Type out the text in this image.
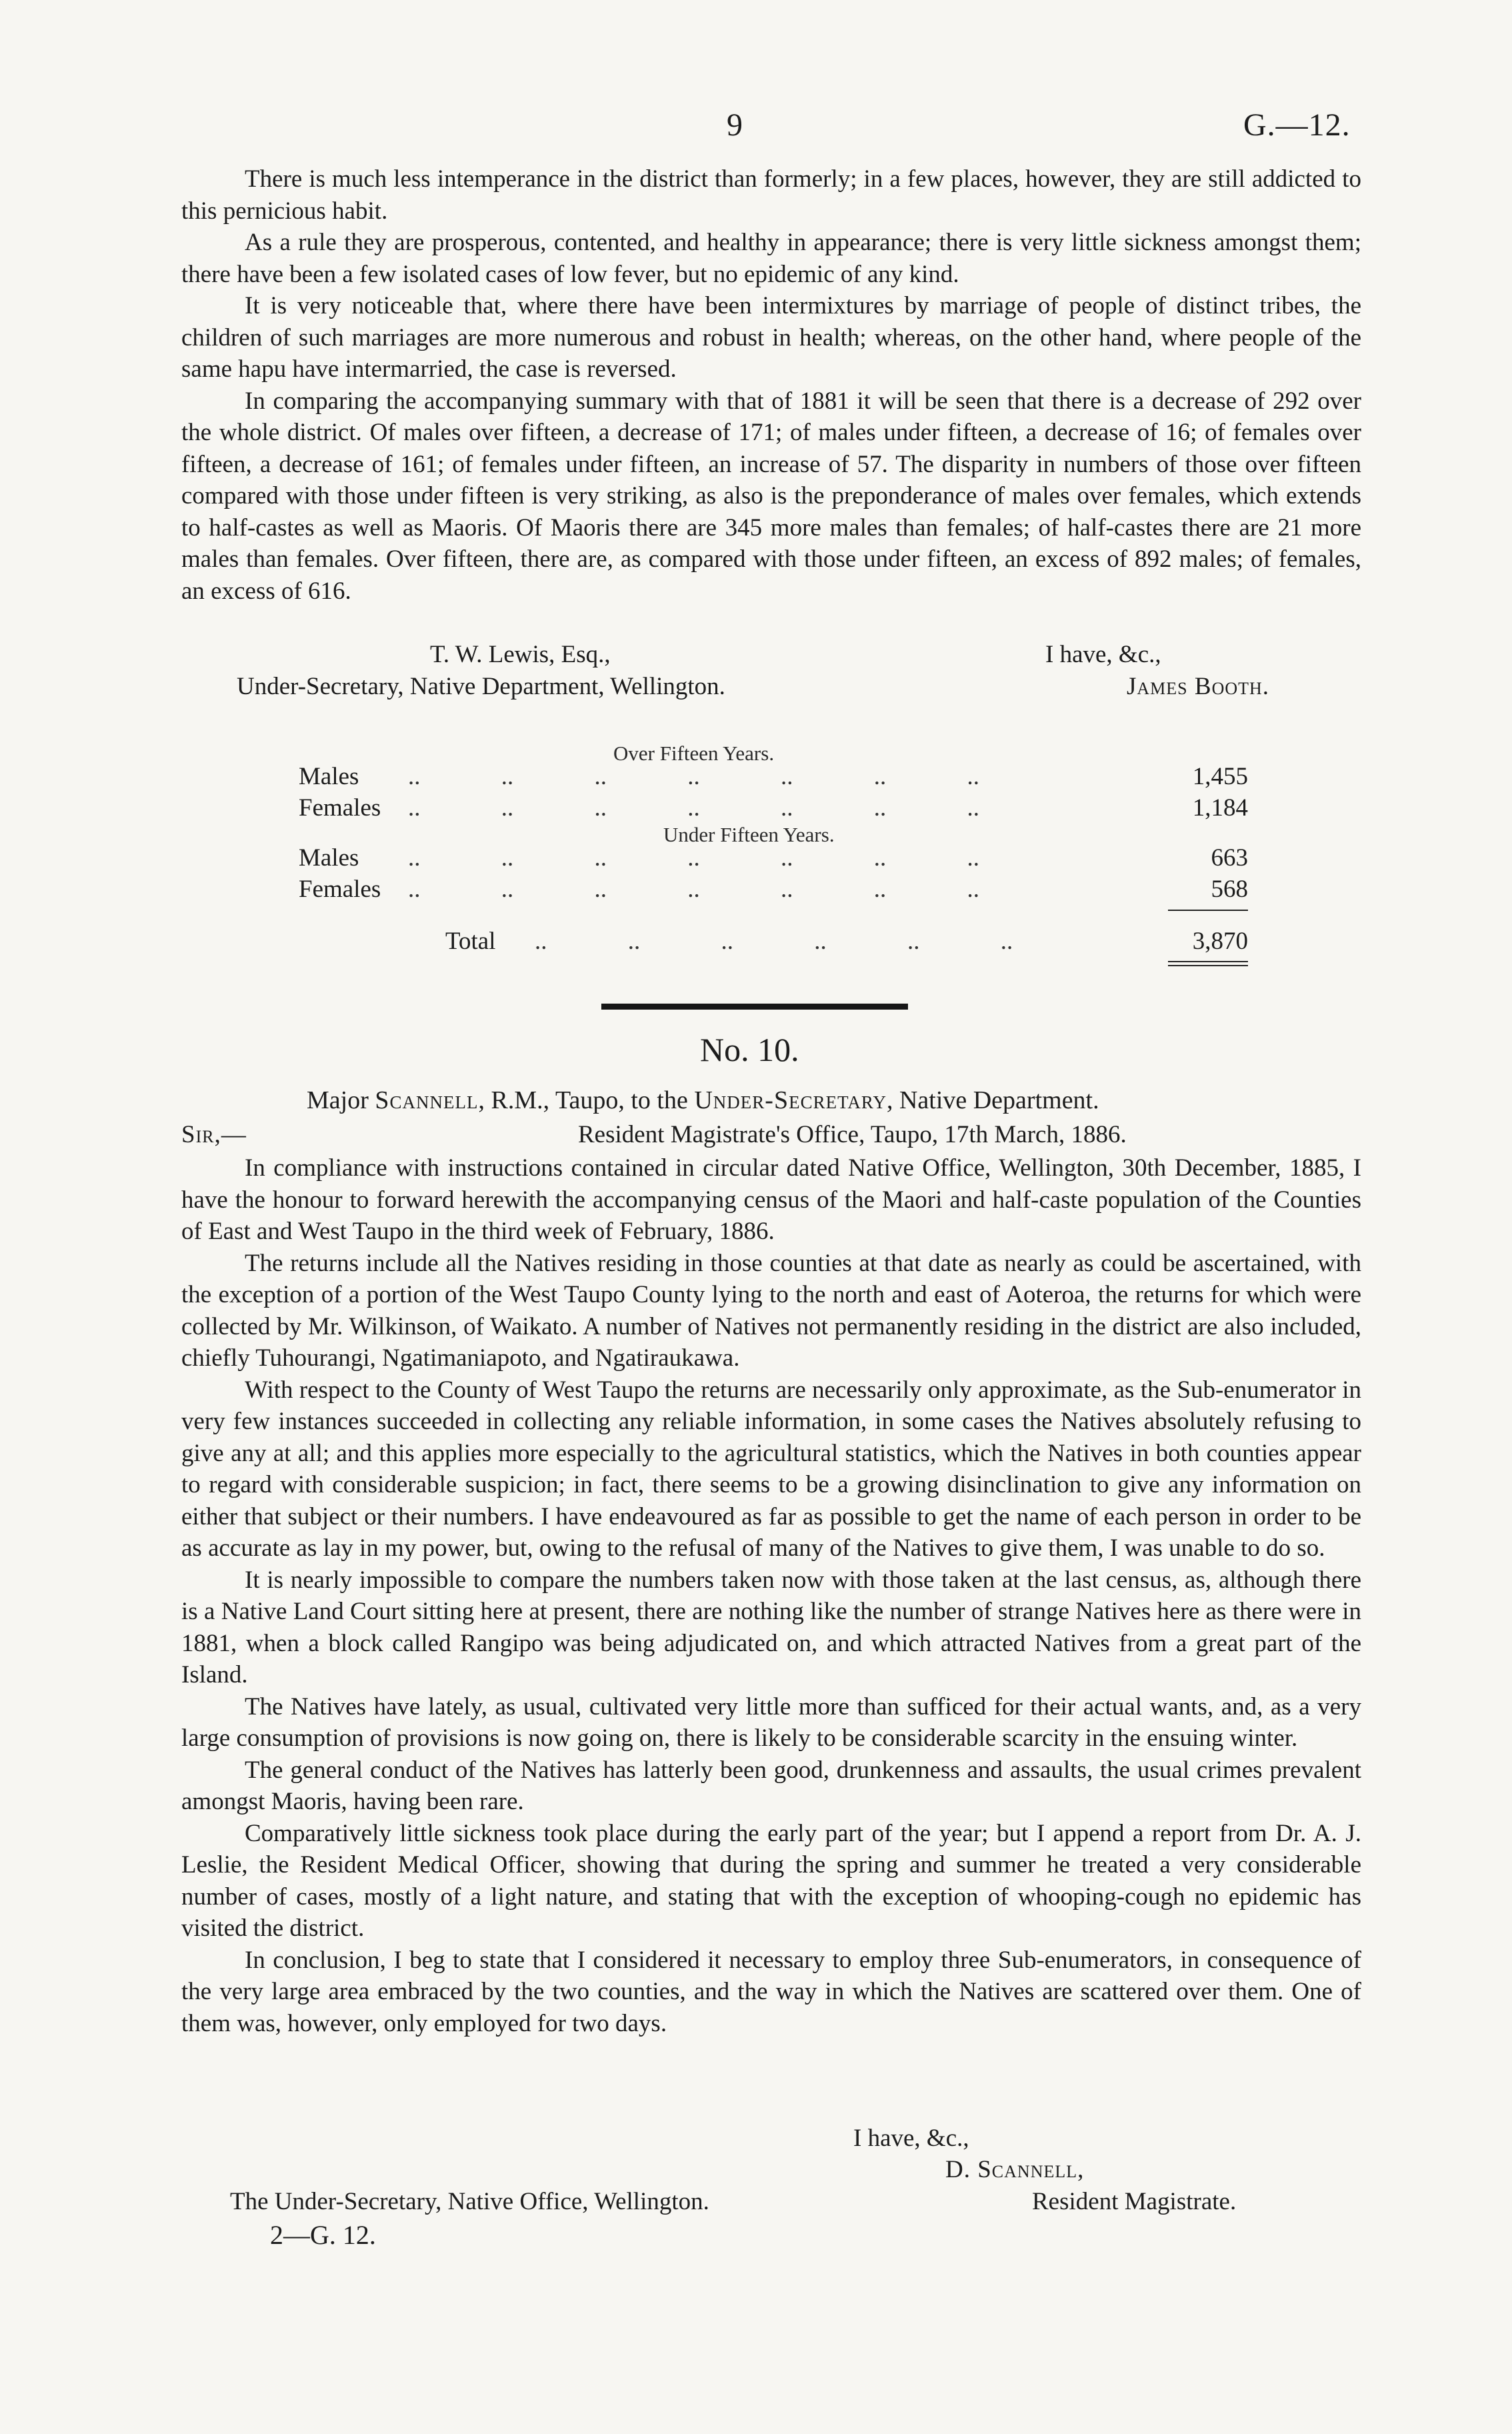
9	G.—12.

There is much less intemperance in the district than formerly; in a few places, however, they are still addicted to this pernicious habit.

As a rule they are prosperous, contented, and healthy in appearance; there is very little sickness amongst them; there have been a few isolated cases of low fever, but no epidemic of any kind.

It is very noticeable that, where there have been intermixtures by marriage of people of distinct tribes, the children of such marriages are more numerous and robust in health; whereas, on the other hand, where people of the same hapu have intermarried, the case is reversed.

In comparing the accompanying summary with that of 1881 it will be seen that there is a decrease of 292 over the whole district. Of males over fifteen, a decrease of 171; of males under fifteen, a decrease of 16; of females over fifteen, a decrease of 161; of females under fifteen, an increase of 57. The disparity in numbers of those over fifteen compared with those under fifteen is very striking, as also is the preponderance of males over females, which extends to half-castes as well as Maoris. Of Maoris there are 345 more males than females; of half-castes there are 21 more males than females. Over fifteen, there are, as compared with those under fifteen, an excess of 892 males; of females, an excess of 616.

T. W. Lewis, Esq.,	I have, &c.,
Under-Secretary, Native Department, Wellington.	James Booth.
Over Fifteen Years.
Males .. .. .. .. .. .. ..	1,455
Females .. .. .. .. .. .. ..	1,184
Under Fifteen Years.
Males .. .. .. .. .. .. ..	663
Females .. .. .. .. .. .. ..	568
Total .. .. .. .. .. ..	3,870
No. 10.
Major Scannell, R.M., Taupo, to the Under-Secretary, Native Department.
Sir,—	Resident Magistrate's Office, Taupo, 17th March, 1886.

In compliance with instructions contained in circular dated Native Office, Wellington, 30th December, 1885, I have the honour to forward herewith the accompanying census of the Maori and half-caste population of the Counties of East and West Taupo in the third week of February, 1886.

The returns include all the Natives residing in those counties at that date as nearly as could be ascertained, with the exception of a portion of the West Taupo County lying to the north and east of Aoteroa, the returns for which were collected by Mr. Wilkinson, of Waikato. A number of Natives not permanently residing in the district are also included, chiefly Tuhourangi, Ngatimaniapoto, and Ngatiraukawa.

With respect to the County of West Taupo the returns are necessarily only approximate, as the Sub-enumerator in very few instances succeeded in collecting any reliable information, in some cases the Natives absolutely refusing to give any at all; and this applies more especially to the agricultural statistics, which the Natives in both counties appear to regard with considerable suspicion; in fact, there seems to be a growing disinclination to give any information on either that subject or their numbers. I have endeavoured as far as possible to get the name of each person in order to be as accurate as lay in my power, but, owing to the refusal of many of the Natives to give them, I was unable to do so.

It is nearly impossible to compare the numbers taken now with those taken at the last census, as, although there is a Native Land Court sitting here at present, there are nothing like the number of strange Natives here as there were in 1881, when a block called Rangipo was being adjudicated on, and which attracted Natives from a great part of the Island.

The Natives have lately, as usual, cultivated very little more than sufficed for their actual wants, and, as a very large consumption of provisions is now going on, there is likely to be considerable scarcity in the ensuing winter.

The general conduct of the Natives has latterly been good, drunkenness and assaults, the usual crimes prevalent amongst Maoris, having been rare.

Comparatively little sickness took place during the early part of the year; but I append a report from Dr. A. J. Leslie, the Resident Medical Officer, showing that during the spring and summer he treated a very considerable number of cases, mostly of a light nature, and stating that with the exception of whooping-cough no epidemic has visited the district.

In conclusion, I beg to state that I considered it necessary to employ three Sub-enumerators, in consequence of the very large area embraced by the two counties, and the way in which the Natives are scattered over them. One of them was, however, only employed for two days.

I have, &c.,
D. Scannell,
The Under-Secretary, Native Office, Wellington.	Resident Magistrate.
2—G. 12.
